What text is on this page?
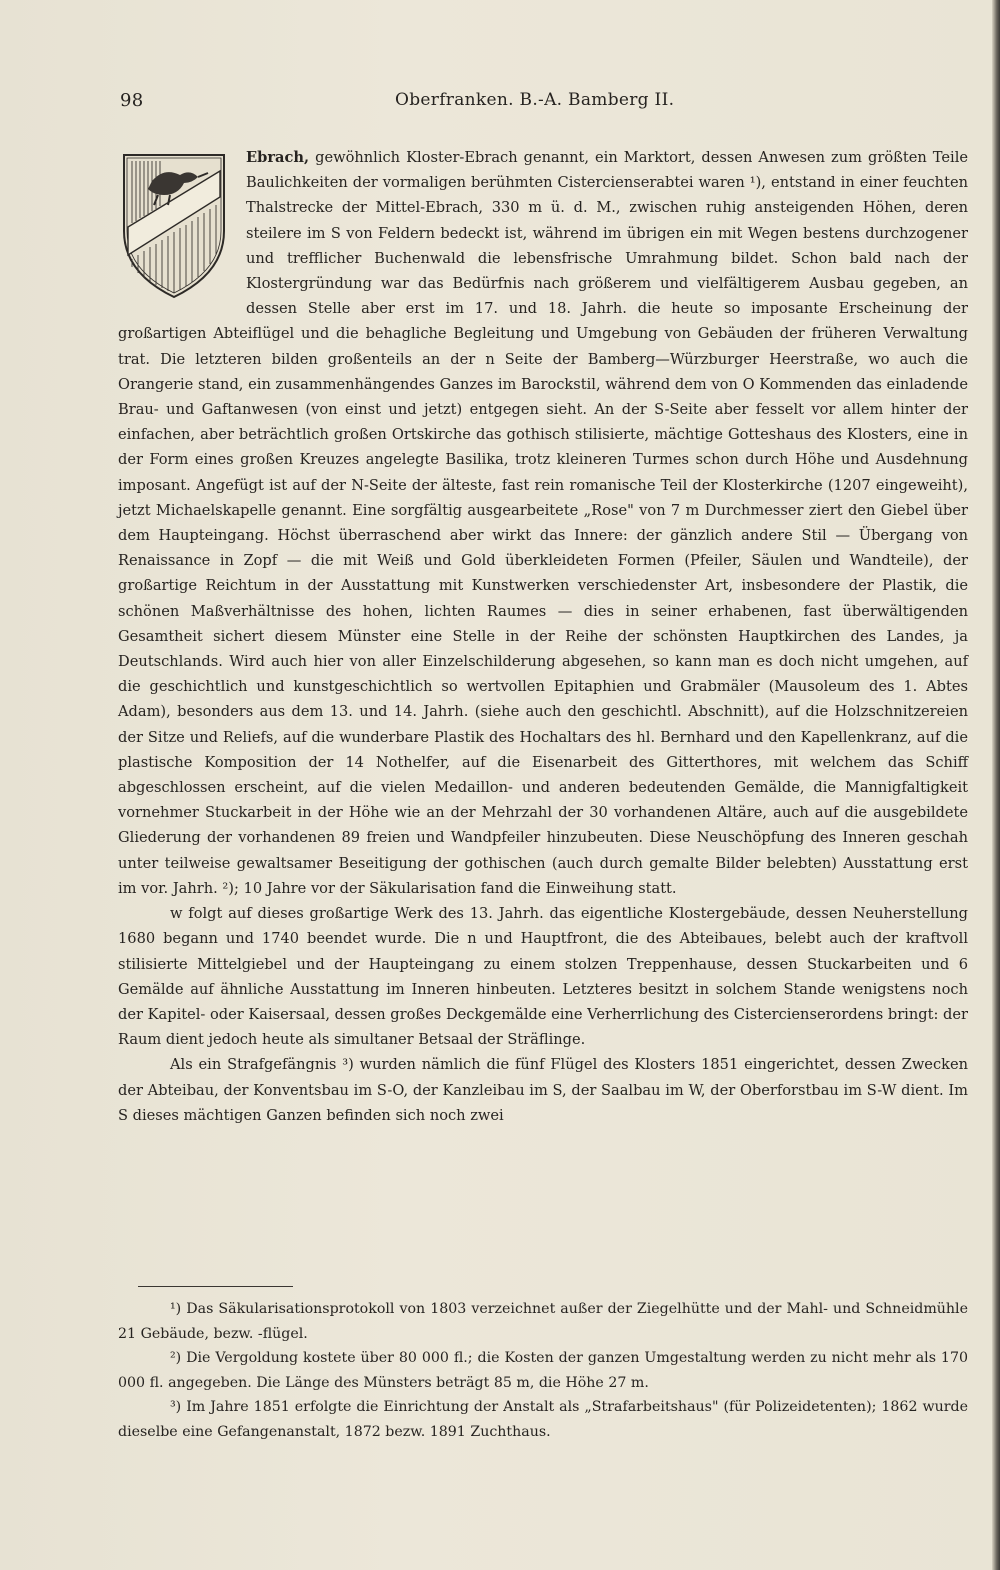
98	Oberfranken. B.-A. Bamberg II.

Ebrach, gewöhnlich Kloster-Ebrach genannt, ein Marktort, dessen Anwesen zum größten Teile Baulichkeiten der vormaligen berühmten Cistercienserabtei waren ¹), entstand in einer feuchten Thalstrecke der Mittel-Ebrach, 330 m ü. d. M., zwischen ruhig ansteigenden Höhen, deren steilere im S von Feldern bedeckt ist, während im übrigen ein mit Wegen bestens durchzogener und trefflicher Buchenwald die lebensfrische Umrahmung bildet. Schon bald nach der Klostergründung war das Bedürfnis nach größerem und vielfältigerem Ausbau gegeben, an dessen Stelle aber erst im 17. und 18. Jahrh. die heute so imposante Erscheinung der großartigen Abteiflügel und die behagliche Begleitung und Umgebung von Gebäuden der früheren Verwaltung trat. Die letzteren bilden großenteils an der n Seite der Bamberg—Würzburger Heerstraße, wo auch die Orangerie stand, ein zusammenhängendes Ganzes im Barockstil, während dem von O Kommenden das einladende Brau- und Gaftanwesen (von einst und jetzt) entgegen sieht. An der S-Seite aber fesselt vor allem hinter der einfachen, aber beträchtlich großen Ortskirche das gothisch stilisierte, mächtige Gotteshaus des Klosters, eine in der Form eines großen Kreuzes angelegte Basilika, trotz kleineren Turmes schon durch Höhe und Ausdehnung imposant. Angefügt ist auf der N-Seite der älteste, fast rein romanische Teil der Klosterkirche (1207 eingeweiht), jetzt Michaelskapelle genannt. Eine sorgfältig ausgearbeitete „Rose" von 7 m Durchmesser ziert den Giebel über dem Haupteingang. Höchst überraschend aber wirkt das Innere: der gänzlich andere Stil — Übergang von Renaissance in Zopf — die mit Weiß und Gold überkleideten Formen (Pfeiler, Säulen und Wandteile), der großartige Reichtum in der Ausstattung mit Kunstwerken verschiedenster Art, insbesondere der Plastik, die schönen Maßverhältnisse des hohen, lichten Raumes — dies in seiner erhabenen, fast überwältigenden Gesamtheit sichert diesem Münster eine Stelle in der Reihe der schönsten Hauptkirchen des Landes, ja Deutschlands. Wird auch hier von aller Einzelschilderung abgesehen, so kann man es doch nicht umgehen, auf die geschichtlich und kunstgeschichtlich so wertvollen Epitaphien und Grabmäler (Mausoleum des 1. Abtes Adam), besonders aus dem 13. und 14. Jahrh. (siehe auch den geschichtl. Abschnitt), auf die Holzschnitzereien der Sitze und Reliefs, auf die wunderbare Plastik des Hochaltars des hl. Bernhard und den Kapellenkranz, auf die plastische Komposition der 14 Nothelfer, auf die Eisenarbeit des Gitterthores, mit welchem das Schiff abgeschlossen erscheint, auf die vielen Medaillon- und anderen bedeutenden Gemälde, die Mannigfaltigkeit vornehmer Stuckarbeit in der Höhe wie an der Mehrzahl der 30 vorhandenen Altäre, auch auf die ausgebildete Gliederung der vorhandenen 89 freien und Wandpfeiler hinzubeuten. Diese Neuschöpfung des Inneren geschah unter teilweise gewaltsamer Beseitigung der gothischen (auch durch gemalte Bilder belebten) Ausstattung erst im vor. Jahrh. ²); 10 Jahre vor der Säkularisation fand die Einweihung statt.

w folgt auf dieses großartige Werk des 13. Jahrh. das eigentliche Klostergebäude, dessen Neuherstellung 1680 begann und 1740 beendet wurde. Die n und Hauptfront, die des Abteibaues, belebt auch der kraftvoll stilisierte Mittelgiebel und der Haupteingang zu einem stolzen Treppenhause, dessen Stuckarbeiten und 6 Gemälde auf ähnliche Ausstattung im Inneren hinbeuten. Letzteres besitzt in solchem Stande wenigstens noch der Kapitel- oder Kaisersaal, dessen großes Deckgemälde eine Verherrlichung des Cistercienserordens bringt: der Raum dient jedoch heute als simultaner Betsaal der Sträflinge.

Als ein Strafgefängnis ³) wurden nämlich die fünf Flügel des Klosters 1851 eingerichtet, dessen Zwecken der Abteibau, der Konventsbau im S-O, der Kanzleibau im S, der Saalbau im W, der Oberforstbau im S-W dient. Im S dieses mächtigen Ganzen befinden sich noch zwei

¹) Das Säkularisationsprotokoll von 1803 verzeichnet außer der Ziegelhütte und der Mahl- und Schneidmühle 21 Gebäude, bezw. -flügel.

²) Die Vergoldung kostete über 80 000 fl.; die Kosten der ganzen Umgestaltung werden zu nicht mehr als 170 000 fl. angegeben. Die Länge des Münsters beträgt 85 m, die Höhe 27 m.

³) Im Jahre 1851 erfolgte die Einrichtung der Anstalt als „Strafarbeitshaus" (für Polizeidetenten); 1862 wurde dieselbe eine Gefangenanstalt, 1872 bezw. 1891 Zuchthaus.
